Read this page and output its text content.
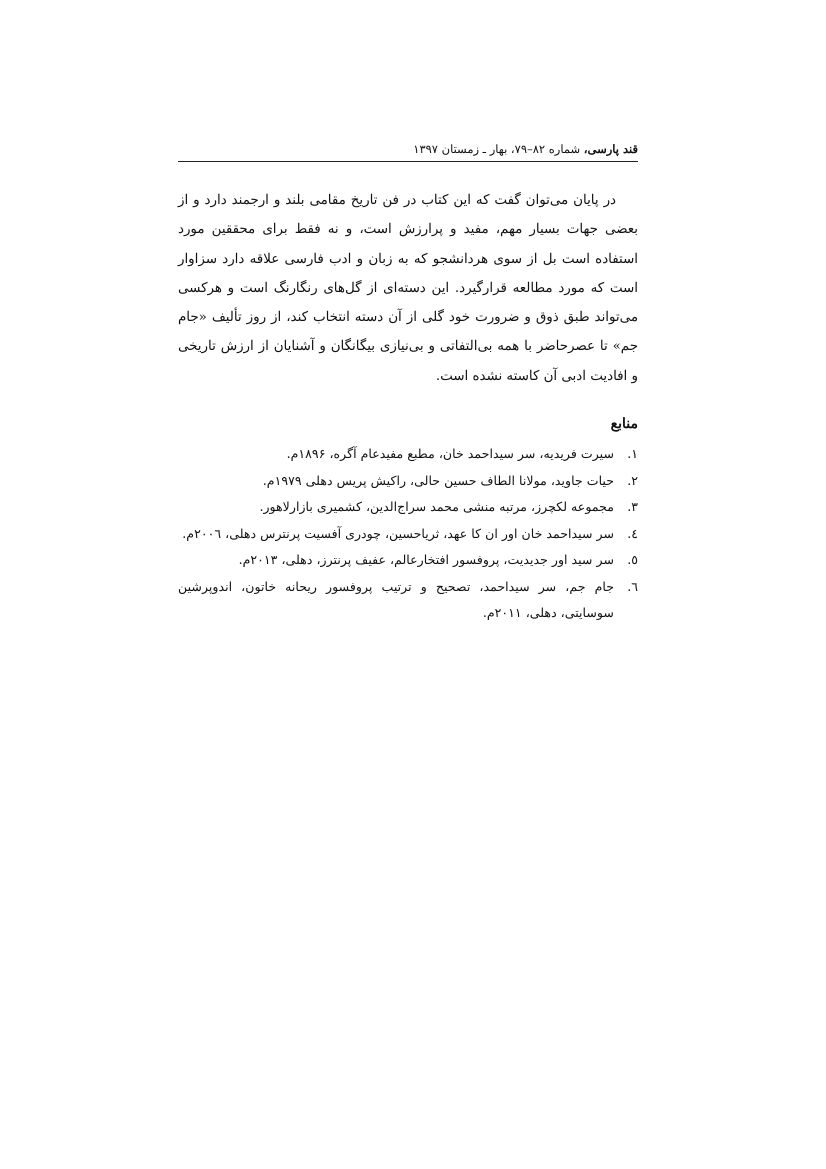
قند پارسی، شماره ۸۲–۷۹، بهار ـ زمستان ۱۳۹۷

در پایان می‌توان گفت که این کتاب در فن تاریخ مقامی بلند و ارجمند دارد و از بعضی جهات بسیار مهم، مفید و پرارزش است، و نه فقط برای محققین مورد استفاده است بل از سوی هردانشجو که به زبان و ادب فارسی علاقه دارد سزاوار است که مورد مطالعه قرارگیرد. این دسته‌ای از گل‌های رنگارنگ است و هرکسی می‌تواند طبق ذوق و ضرورت خود گلی از آن دسته انتخاب کند، از روز تألیف «جام جم» تا عصرحاضر با همه بی‌التفاتی و بی‌نیازی بیگانگان و آشنایان از ارزش تاریخی و افادیت ادبی آن کاسته نشده است.

منابع
۱.
سیرت فریدیه، سر سیداحمد خان، مطبع مفیدعام آگره، ۱۸۹۶م.
۲.
حیات جاوید، مولانا الطاف حسین حالی، راکیش پریس دهلی ۱۹۷۹م.
۳.
مجموعه لکچرز، مرتبه منشی محمد سراج‌الدین، کشمیری بازارلاهور.
٤.
سر سیداحمد خان اور ان کا عهد، ثریاحسین، چودری آفسیت پرنترس دهلی، ۲۰۰٦م.
٥.
سر سید اور جدیدیت، پروفسور افتخارعالم، عفیف پرنترز، دهلی، ۲۰۱۳م.
٦.
جام جم، سر سیداحمد، تصحیح و ترتیب پروفسور ریحانه خاتون، اندوپرشین سوسایتی، دهلی، ۲۰۱۱م.
